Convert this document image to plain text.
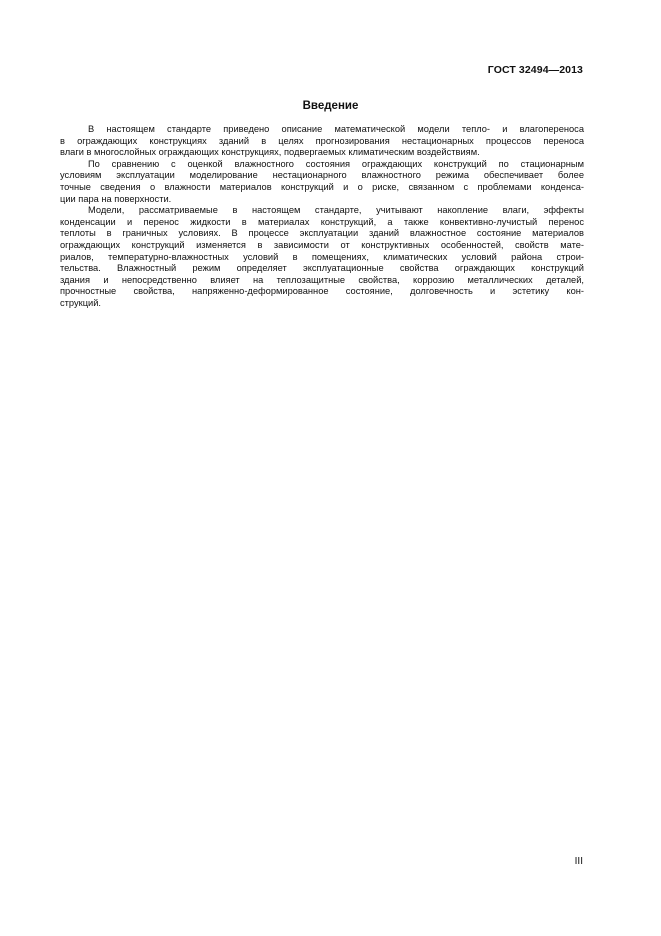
ГОСТ 32494—2013
Введение
В настоящем стандарте приведено описание математической модели тепло- и влагопереноса
в ограждающих конструкциях зданий в целях прогнозирования нестационарных процессов переноса
влаги в многослойных ограждающих конструкциях, подвергаемых климатическим воздействиям.
По сравнению с оценкой влажностного состояния ограждающих конструкций по стационарным
условиям эксплуатации моделирование нестационарного влажностного режима обеспечивает более
точные сведения о влажности материалов конструкций и о риске, связанном с проблемами конденса-
ции пара на поверхности.
Модели, рассматриваемые в настоящем стандарте, учитывают накопление влаги, эффекты
конденсации и перенос жидкости в материалах конструкций, а также конвективно-лучистый перенос
теплоты в граничных условиях. В процессе эксплуатации зданий влажностное состояние материалов
ограждающих конструкций изменяется в зависимости от конструктивных особенностей, свойств мате-
риалов, температурно-влажностных условий в помещениях, климатических условий района строи-
тельства. Влажностный режим определяет эксплуатационные свойства ограждающих конструкций
здания и непосредственно влияет на теплозащитные свойства, коррозию металлических деталей,
прочностные свойства, напряженно-деформированное состояние, долговечность и эстетику кон-
струкций.
III
